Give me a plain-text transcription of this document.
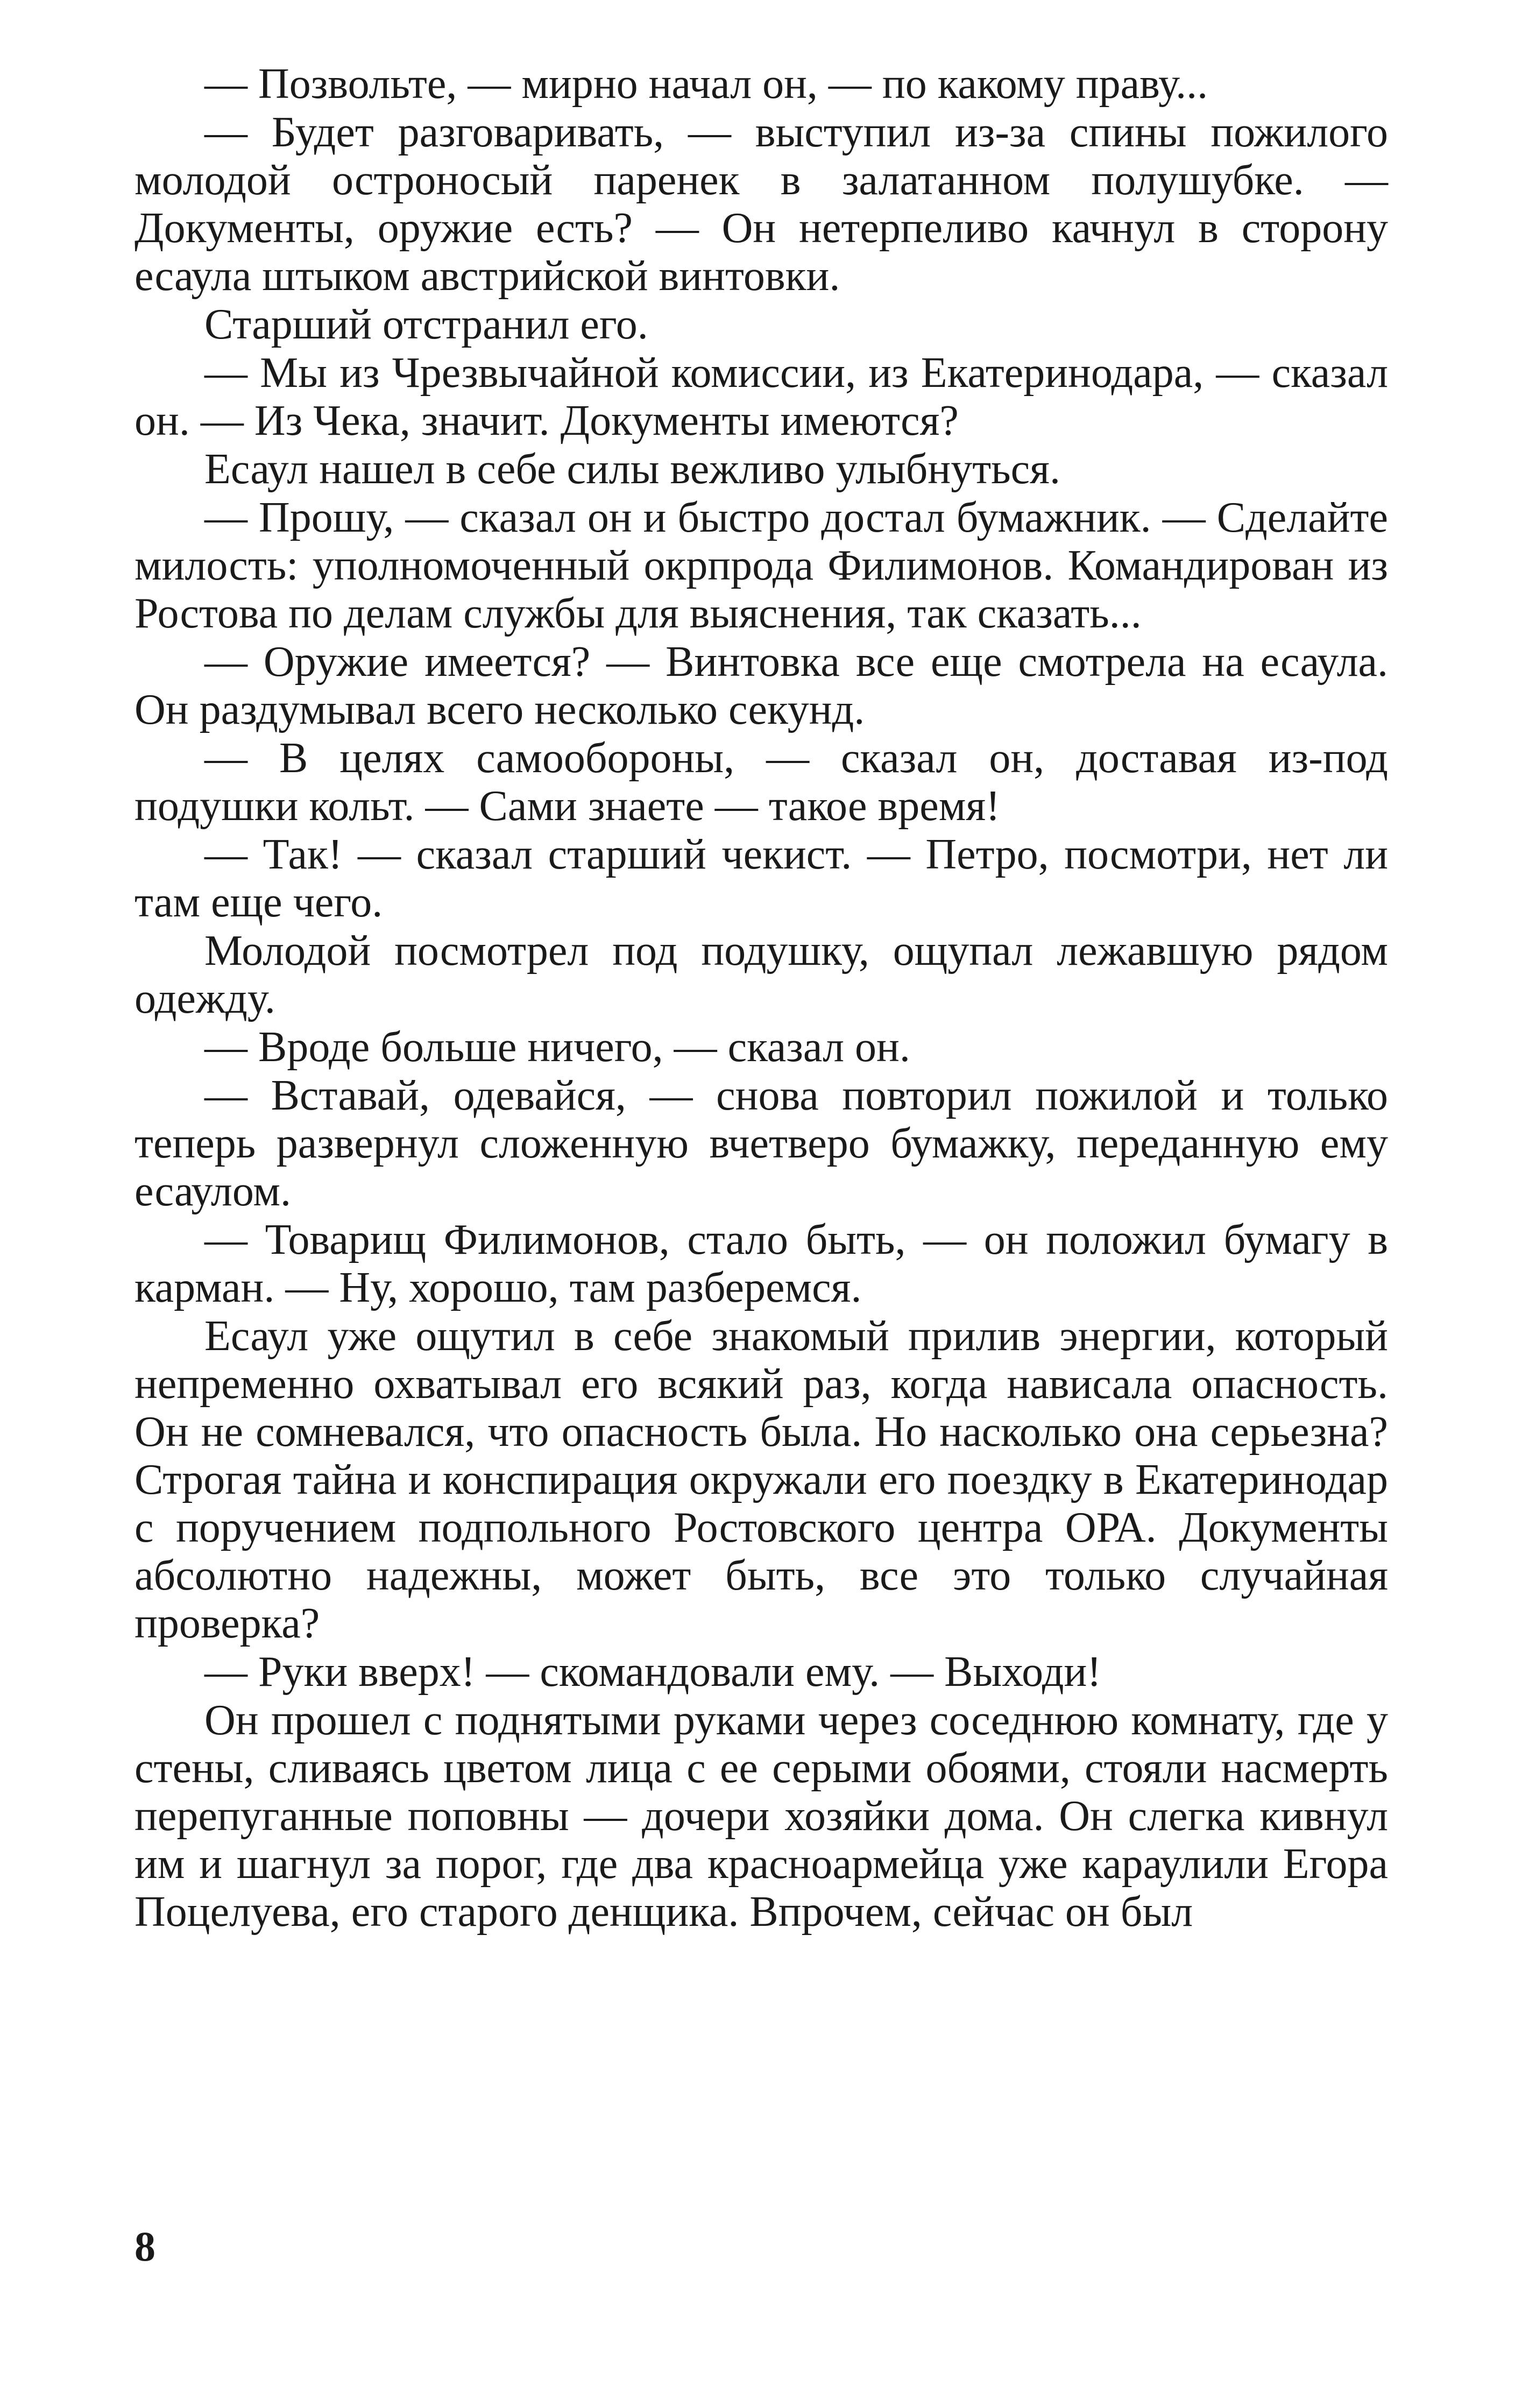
— Позвольте, — мирно начал он, — по какому праву...

— Будет разговаривать, — выступил из-за спины пожилого молодой остроносый паренек в залатанном полушубке. — Документы, оружие есть? — Он нетерпеливо качнул в сторону есаула штыком австрийской винтовки.

Старший отстранил его.

— Мы из Чрезвычайной комиссии, из Екатеринодара, — сказал он. — Из Чека, значит. Документы имеются?

Есаул нашел в себе силы вежливо улыбнуться.

— Прошу, — сказал он и быстро достал бумажник. — Сделайте милость: уполномоченный окрпрода Филимонов. Командирован из Ростова по делам службы для выяснения, так сказать...

— Оружие имеется? — Винтовка все еще смотрела на есаула. Он раздумывал всего несколько секунд.

— В целях самообороны, — сказал он, доставая из-под подушки кольт. — Сами знаете — такое время!

— Так! — сказал старший чекист. — Петро, посмотри, нет ли там еще чего.

Молодой посмотрел под подушку, ощупал лежавшую рядом одежду.

— Вроде больше ничего, — сказал он.

— Вставай, одевайся, — снова повторил пожилой и только теперь развернул сложенную вчетверо бумажку, переданную ему есаулом.

— Товарищ Филимонов, стало быть, — он положил бумагу в карман. — Ну, хорошо, там разберемся.

Есаул уже ощутил в себе знакомый прилив энергии, который непременно охватывал его всякий раз, когда нависала опасность. Он не сомневался, что опасность была. Но насколько она серьезна? Строгая тайна и конспирация окружали его поездку в Екатеринодар с поручением подпольного Ростовского центра ОРА. Документы абсолютно надежны, может быть, все это только случайная проверка?

— Руки вверх! — скомандовали ему. — Выходи!

Он прошел с поднятыми руками через соседнюю комнату, где у стены, сливаясь цветом лица с ее серыми обоями, стояли насмерть перепуганные поповны — дочери хозяйки дома. Он слегка кивнул им и шагнул за порог, где два красноармейца уже караулили Егора Поцелуева, его старого денщика. Впрочем, сейчас он был

8
